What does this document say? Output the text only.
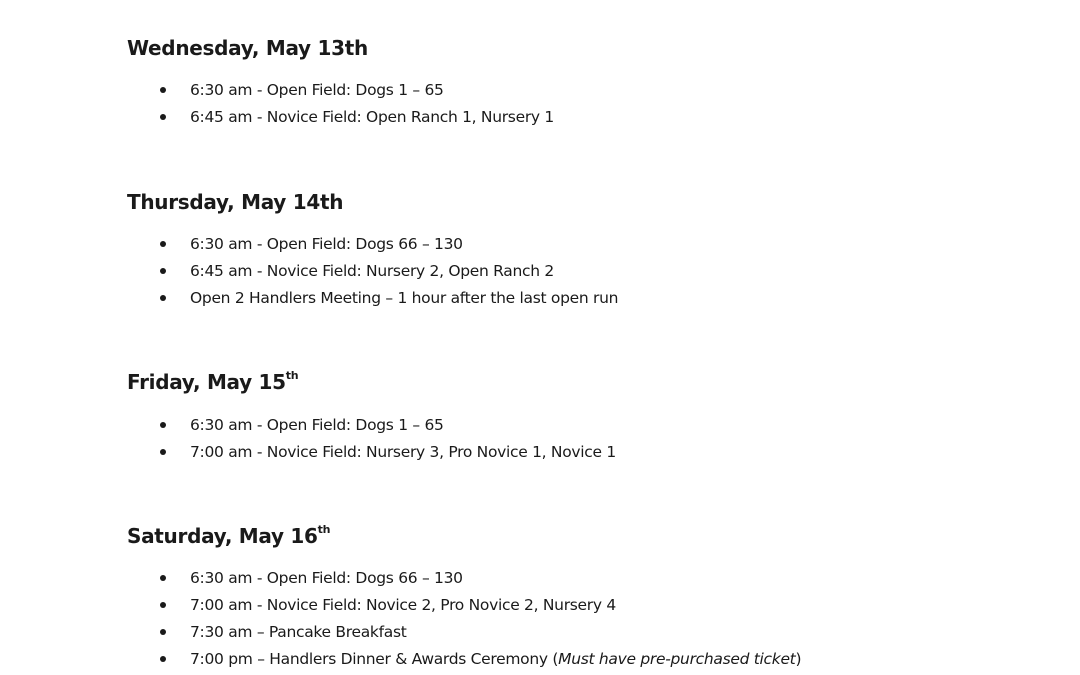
Wednesday, May 13th
6:30 am - Open Field: Dogs 1 – 65
6:45 am - Novice Field: Open Ranch 1, Nursery 1
Thursday, May 14th
6:30 am - Open Field: Dogs 66 – 130
6:45 am - Novice Field: Nursery 2, Open Ranch 2
Open 2 Handlers Meeting – 1 hour after the last open run
Friday, May 15th
6:30 am - Open Field: Dogs 1 – 65
7:00 am - Novice Field: Nursery 3, Pro Novice 1, Novice 1
Saturday, May 16th
6:30 am - Open Field: Dogs 66 – 130
7:00 am - Novice Field: Novice 2, Pro Novice 2, Nursery 4
7:30 am – Pancake Breakfast
7:00 pm – Handlers Dinner & Awards Ceremony (Must have pre-purchased ticket)
